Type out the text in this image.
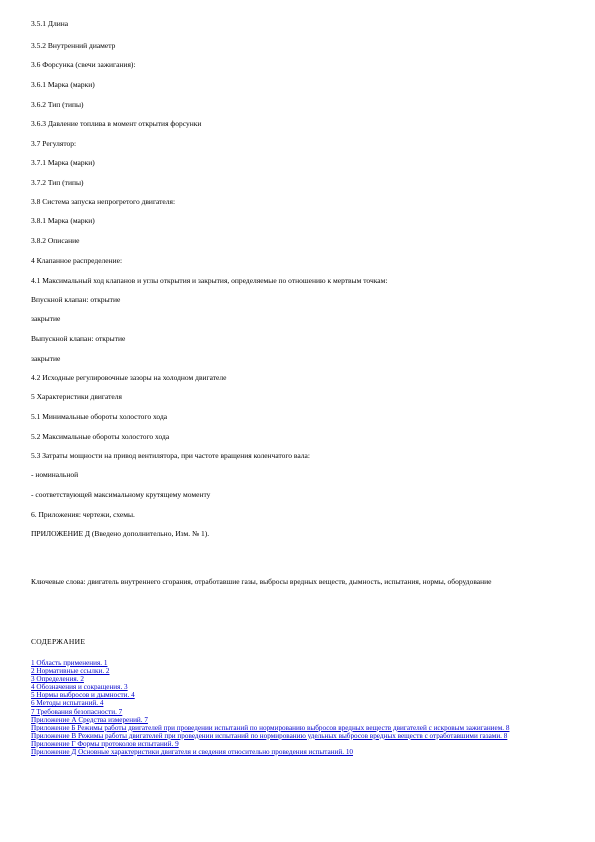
3.5.1 Длина
3.5.2 Внутренний диаметр
3.6 Форсунка (свечи зажигания):
3.6.1 Марка (марки)
3.6.2 Тип (типы)
3.6.3 Давление топлива в момент открытия форсунки
3.7 Регулятор:
3.7.1 Марка (марки)
3.7.2 Тип (типы)
3.8 Система запуска непрогретого двигателя:
3.8.1 Марка (марки)
3.8.2 Описание
4 Клапанное распределение:
4.1 Максимальный ход клапанов и углы открытия и закрытия, определяемые по отношению к мертвым точкам:
Впускной клапан: открытие
закрытие
Выпускной клапан: открытие
закрытие
4.2 Исходные регулировочные зазоры на холодном двигателе
5 Характеристики двигателя
5.1 Минимальные обороты холостого хода
5.2 Максимальные обороты холостого хода
5.3 Затраты мощности на привод вентилятора, при частоте вращения коленчатого вала:
- номинальной
- соответствующей максимальному крутящему моменту
6. Приложения: чертежи, схемы.
ПРИЛОЖЕНИЕ Д (Введено дополнительно, Изм. № 1).
Ключевые слова: двигатель внутреннего сгорания, отработавшие газы, выбросы вредных веществ, дымность, испытания, нормы, оборудование
СОДЕРЖАНИЕ
1 Область применения. 1
2 Нормативные ссылки. 2
3 Определения. 2
4 Обозначения и сокращения. 3
5 Нормы выбросов и дымности. 4
6 Методы испытаний. 4
7 Требования безопасности. 7
Приложение А Средства измерений. 7
Приложение Б Режимы работы двигателей при проведении испытаний по нормированию выбросов вредных веществ двигателей с искровым зажиганием. 8
Приложение В Режимы работы двигателей при проведении испытаний по нормированию удельных выбросов вредных веществ с отработавшими газами. 8
Приложение Г Формы протоколов испытаний. 9
Приложение Д Основные характеристики двигателя и сведения относительно проведения испытаний. 10
